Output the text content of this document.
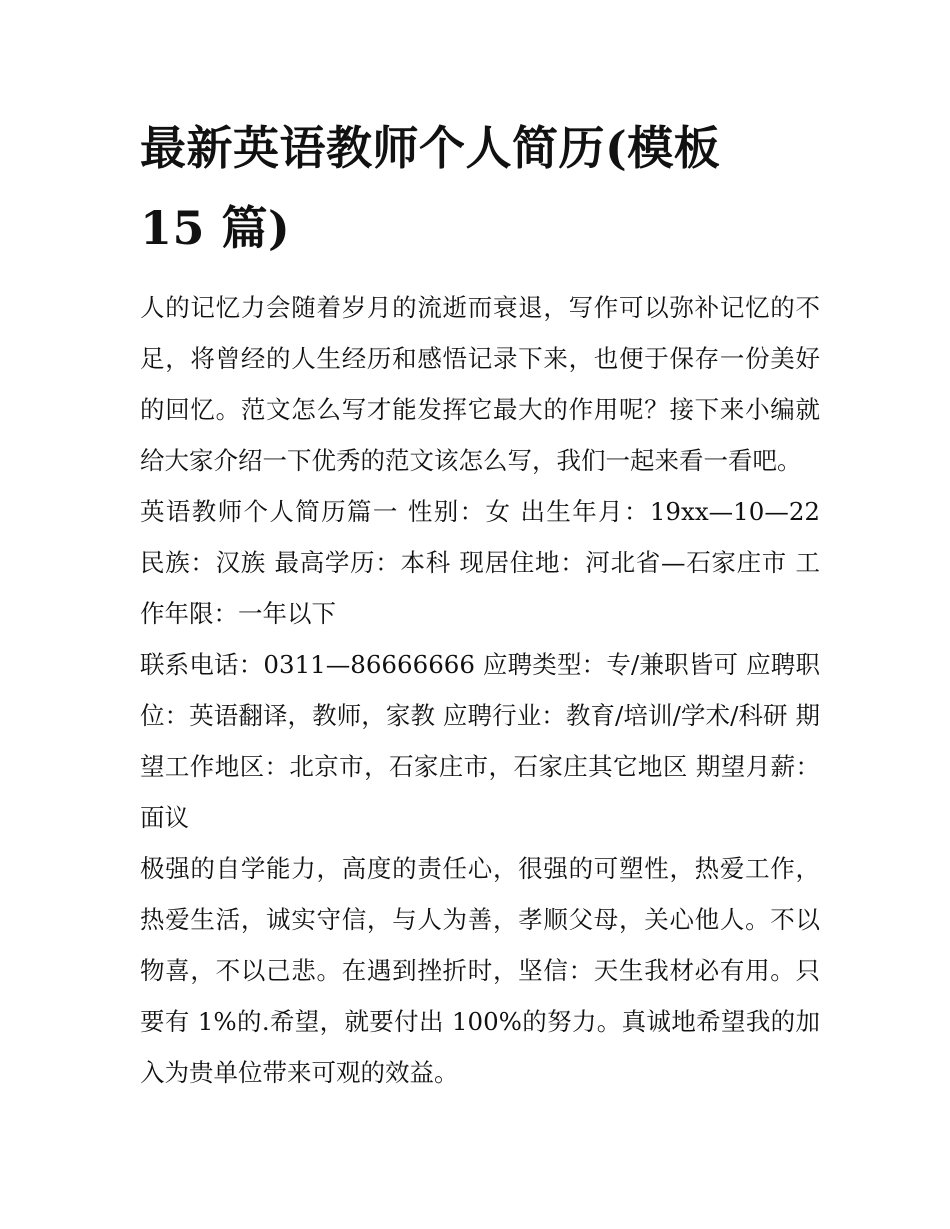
最新英语教师个人简历(模板 15 篇)

人的记忆力会随着岁月的流逝而衰退，写作可以弥补记忆的不足，将曾经的人生经历和感悟记录下来，也便于保存一份美好的回忆。范文怎么写才能发挥它最大的作用呢？接下来小编就给大家介绍一下优秀的范文该怎么写，我们一起来看一看吧。

英语教师个人简历篇一 性别：女 出生年月：19xx—10—22 民族：汉族 最高学历：本科 现居住地：河北省—石家庄市 工作年限：一年以下

联系电话：0311—86666666 应聘类型：专/兼职皆可 应聘职位：英语翻译，教师，家教 应聘行业：教育/培训/学术/科研 期望工作地区：北京市，石家庄市，石家庄其它地区 期望月薪：面议

极强的自学能力，高度的责任心，很强的可塑性，热爱工作，热爱生活，诚实守信，与人为善，孝顺父母，关心他人。不以物喜，不以己悲。在遇到挫折时，坚信：天生我材必有用。只要有 1%的.希望，就要付出 100%的努力。真诚地希望我的加入为贵单位带来可观的效益。
